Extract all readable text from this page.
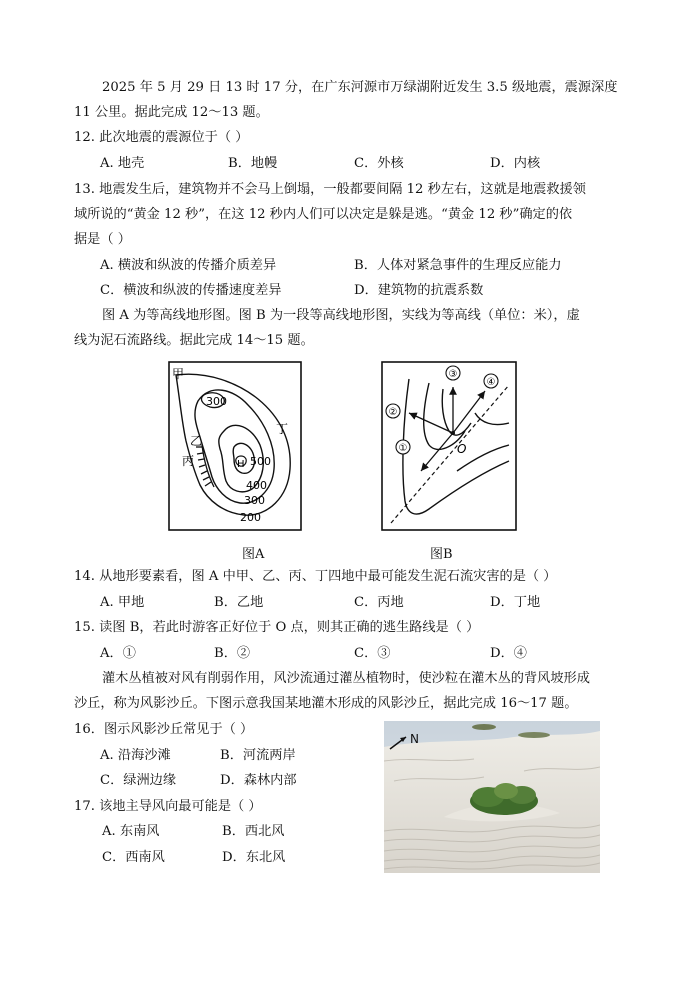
2025 年 5 月 29 日 13 时 17 分，在广东河源市万绿湖附近发生 3.5 级地震，震源深度
11 公里。据此完成 12～13 题。
12. 此次地震的震源位于（ ）
A. 地壳	B．地幔	C．外核	D．内核
13. 地震发生后，建筑物并不会马上倒塌，一般都要间隔 12 秒左右，这就是地震救援领
域所说的“黄金 12 秒”，在这 12 秒内人们可以决定是躲是逃。“黄金 12 秒”确定的依
据是（ ）
A. 横波和纵波的传播介质差异	B．人体对紧急事件的生理反应能力
C．横波和纵波的传播速度差异	D．建筑物的抗震系数
图 A 为等高线地形图。图 B 为一段等高线地形图，实线为等高线（单位：米），虚
线为泥石流路线。据此完成 14～15 题。
甲
乙
丙
丁
H
300
500
400
300
200
图A
①
②
③
④
O
图B
14. 从地形要素看，图 A 中甲、乙、丙、丁四地中最可能发生泥石流灾害的是（ ）
A. 甲地	B．乙地	C．丙地	D．丁地
15. 读图 B，若此时游客正好位于 O 点，则其正确的逃生路线是（ ）
A．①	B．②	C．③	D．④
灌木丛植被对风有削弱作用，风沙流通过灌丛植物时，使沙粒在灌木丛的背风坡形成
沙丘，称为风影沙丘。下图示意我国某地灌木形成的风影沙丘，据此完成 16～17 题。
16．图示风影沙丘常见于（ ）
A. 沿海沙滩	B．河流两岸
C．绿洲边缘	D．森林内部
17. 该地主导风向最可能是（ ）
A. 东南风	B．西北风
C．西南风	D．东北风
N
